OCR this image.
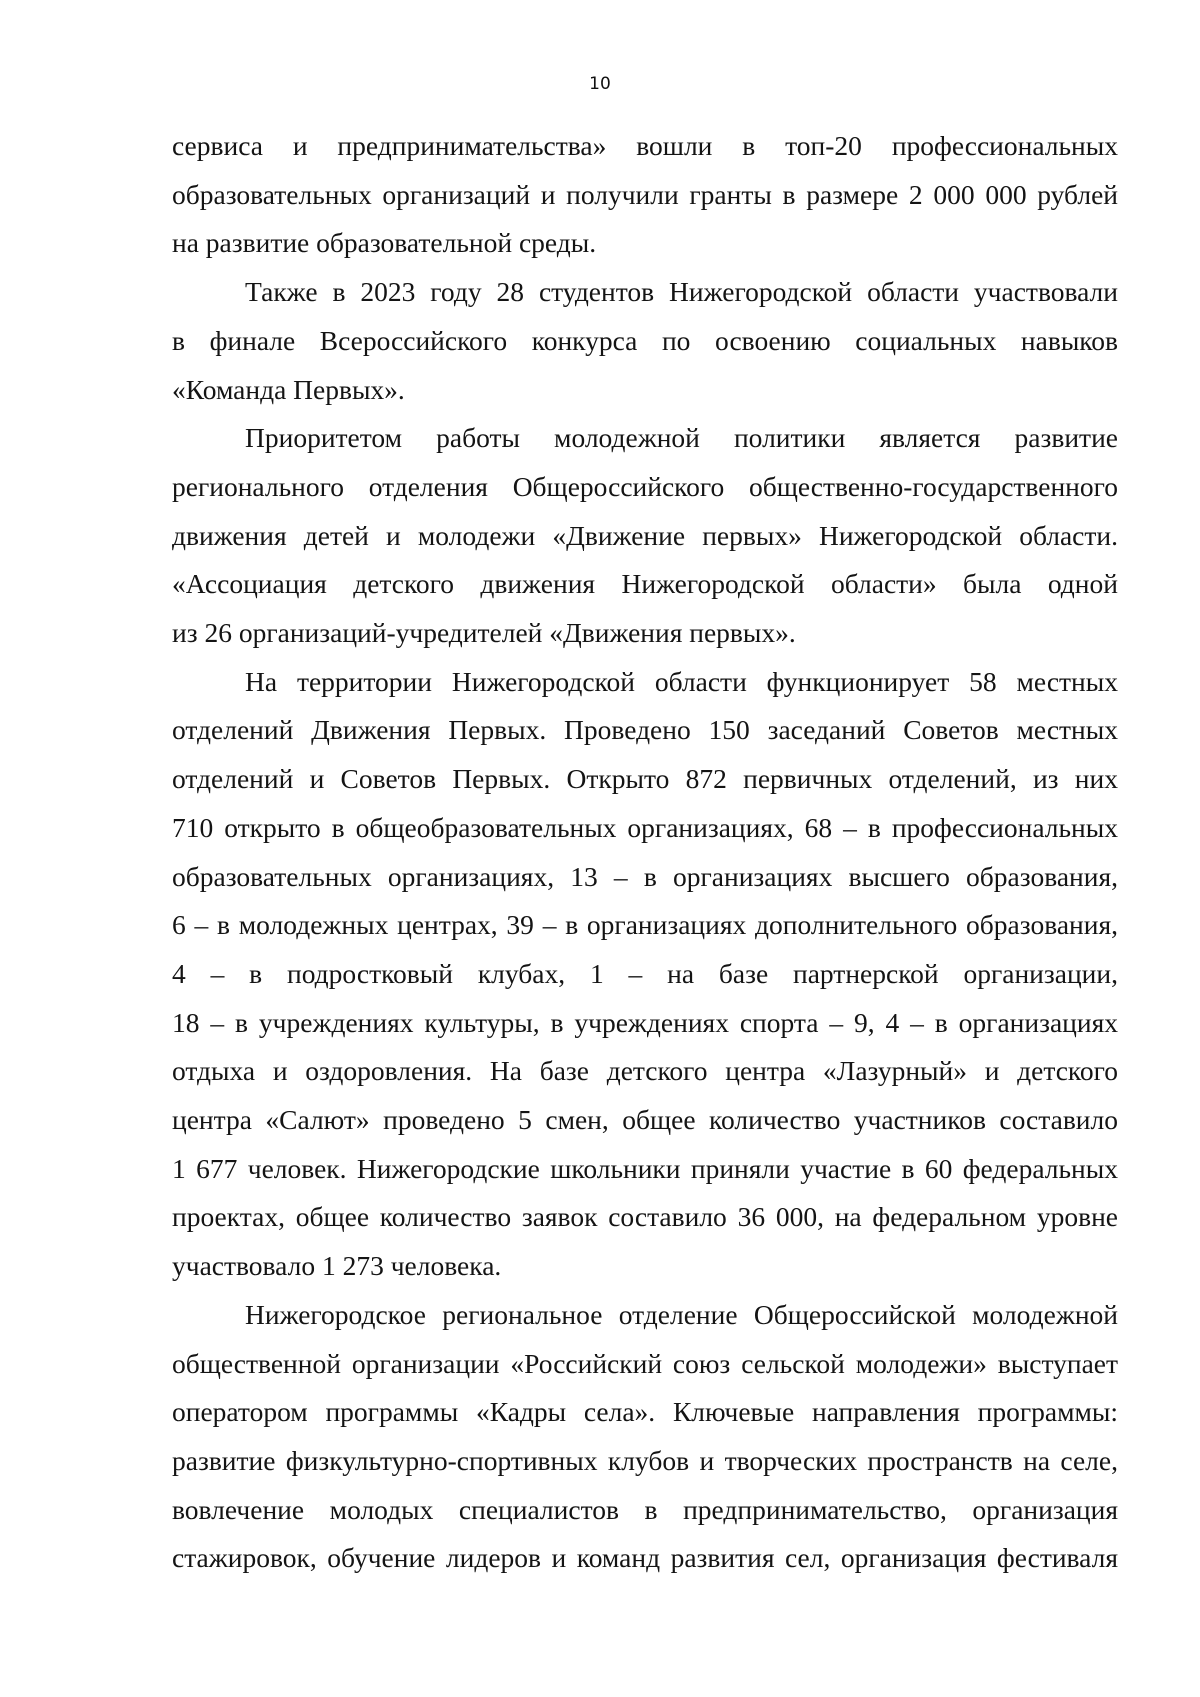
10
сервиса и предпринимательства» вошли в топ-20 профессиональных
образовательных организаций и получили гранты в размере 2 000 000 рублей
на развитие образовательной среды.
Также в 2023 году 28 студентов Нижегородской области участвовали
в финале Всероссийского конкурса по освоению социальных навыков
«Команда Первых».
Приоритетом работы молодежной политики является развитие
регионального отделения Общероссийского общественно-государственного
движения детей и молодежи «Движение первых» Нижегородской области.
«Ассоциация детского движения Нижегородской области» была одной
из 26 организаций-учредителей «Движения первых».
На территории Нижегородской области функционирует 58 местных
отделений Движения Первых. Проведено 150 заседаний Советов местных
отделений и Советов Первых. Открыто 872 первичных отделений, из них
710 открыто в общеобразовательных организациях, 68 – в профессиональных
образовательных организациях, 13 – в организациях высшего образования,
6 – в молодежных центрах, 39 – в организациях дополнительного образования,
4 – в подростковый клубах, 1 – на базе партнерской организации,
18 – в учреждениях культуры, в учреждениях спорта – 9, 4 – в организациях
отдыха и оздоровления. На базе детского центра «Лазурный» и детского
центра «Салют» проведено 5 смен, общее количество участников составило
1 677 человек. Нижегородские школьники приняли участие в 60 федеральных
проектах, общее количество заявок составило 36 000, на федеральном уровне
участвовало 1 273 человека.
Нижегородское региональное отделение Общероссийской молодежной
общественной организации «Российский союз сельской молодежи» выступает
оператором программы «Кадры села». Ключевые направления программы:
развитие физкультурно-спортивных клубов и творческих пространств на селе,
вовлечение молодых специалистов в предпринимательство, организация
стажировок, обучение лидеров и команд развития сел, организация фестиваля
